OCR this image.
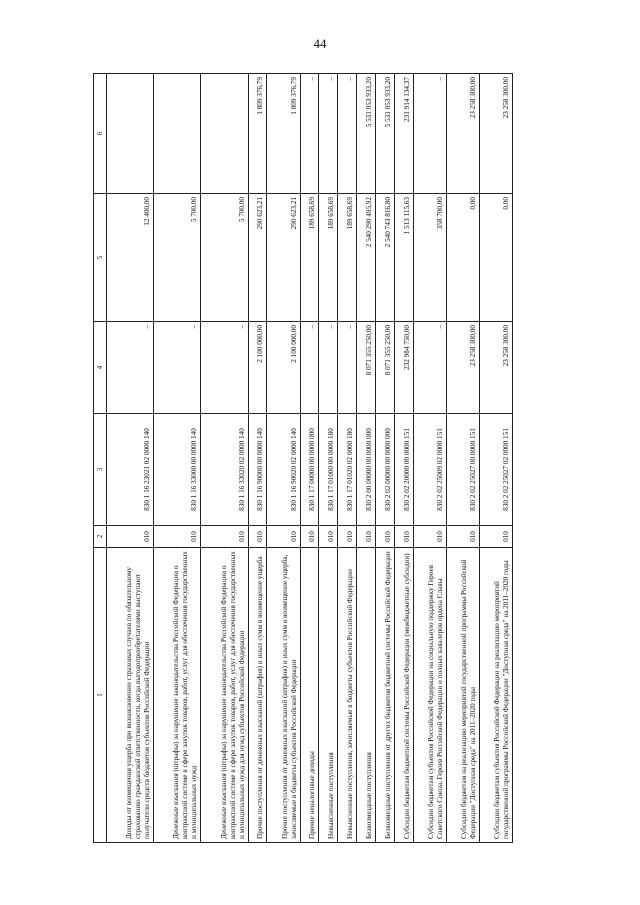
44
1	2	3	4	5	6
Доходы от возмещения ущерба при возникновении страховых случаев по обязательному страхованию гражданской ответственности, когда выгодоприобретателями выступают получатели средств бюджетов субъектов Российской Федерации	010	830 1 16 23021 02 0000 140	–	12 400,00	
Денежные взыскания (штрафы) за нарушение законодательства Российской Федерации о контрактной системе в сфере закупок товаров, работ, услуг для обеспечения государственных и муниципальных нужд	010	830 1 16 33000 00 0000 140	–	5 700,00	
Денежные взыскания (штрафы) за нарушение законодательства Российской Федерации о контрактной системе в сфере закупок товаров, работ, услуг для обеспечения государственных и муниципальных нужд для нужд субъектов Российской Федерации	010	830 1 16 33020 02 0000 140	–	5 700,00	
Прочие поступления от денежных взысканий (штрафов) и иных сумм в возмещение ущерба	010	830 1 16 90000 00 0000 140	2 100 000,00	290 623,21	1 809 376,79
Прочие поступления от денежных взысканий (штрафов) и иных сумм в возмещение ущерба, зачисляемые в бюджеты субъектов Российской Федерации	010	830 1 16 90020 02 0000 140	2 100 000,00	290 623,21	1 809 376,79
Прочие неналоговые доходы	010	830 1 17 00000 00 0000 000	–	189 658,69	–
Невыясненные поступления	010	830 1 17 01000 00 0000 180	–	189 658,69	–
Невыясненные поступления, зачисляемые в бюджеты субъектов Российской Федерации	010	830 1 17 01020 02 0000 180	–	189 658,69	–
Безвозмездные поступления	010	830 2 00 00000 00 0000 000	8 071 355 250,00	2 540 290 495,92	5 531 053 933,20
Безвозмездные поступления от других бюджетов бюджетной системы Российской Федерации	010	830 2 02 00000 00 0000 000	8 071 355 250,00	2 540 743 816,80	5 531 053 933,20
Субсидии бюджетам бюджетной системы Российской Федерации (межбюджетные субсидии)	010	830 2 02 20000 00 0000 151	232 984 750,00	1 513 115,63	231 914 134,37
Субсидии бюджетам субъектов Российской Федерации на социальную поддержку Героев Советского Союза, Героев Российской Федерации и полных кавалеров ордена Славы	010	830 2 02 25009 02 0000 151	–	358 700,00	–
Субсидии бюджетам на реализацию мероприятий государственной программы Российской Федерации "Доступная среда" на 2011–2020 годы	010	830 2 02 25027 00 0000 151	23 258 300,00	0,00	23 258 300,00
Субсидии бюджетам субъектов Российской Федерации на реализацию мероприятий государственной программы Российской Федерации "Доступная среда" на 2011–2020 годы	010	830 2 02 25027 02 0000 151	23 258 300,00	0,00	23 258 300,00
